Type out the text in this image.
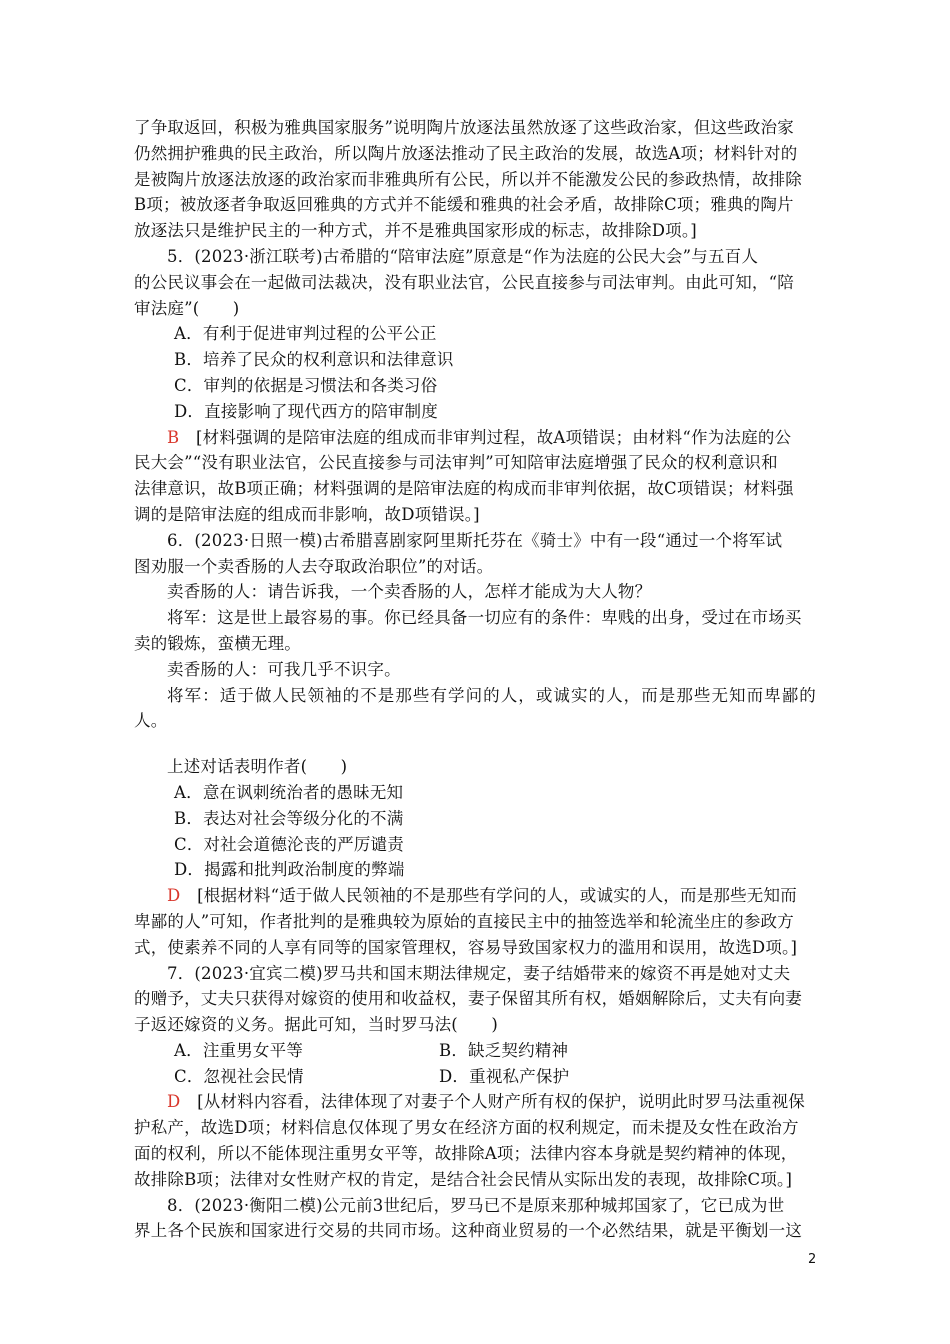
了争取返回，积极为雅典国家服务”说明陶片放逐法虽然放逐了这些政治家，但这些政治家

仍然拥护雅典的民主政治，所以陶片放逐法推动了民主政治的发展，故选A项；材料针对的

是被陶片放逐法放逐的政治家而非雅典所有公民，所以并不能激发公民的参政热情，故排除

B项；被放逐者争取返回雅典的方式并不能缓和雅典的社会矛盾，故排除C项；雅典的陶片

放逐法只是维护民主的一种方式，并不是雅典国家形成的标志，故排除D项。]

5．(2023·浙江联考)古希腊的“陪审法庭”原意是“作为法庭的公民大会”与五百人

的公民议事会在一起做司法裁决，没有职业法官，公民直接参与司法审判。由此可知，“陪

审法庭”(　　)

A．有利于促进审判过程的公平公正

B．培养了民众的权利意识和法律意识

C．审判的依据是习惯法和各类习俗

D．直接影响了现代西方的陪审制度

B　[材料强调的是陪审法庭的组成而非审判过程，故A项错误；由材料“作为法庭的公

民大会”“没有职业法官，公民直接参与司法审判”可知陪审法庭增强了民众的权利意识和

法律意识，故B项正确；材料强调的是陪审法庭的构成而非审判依据，故C项错误；材料强

调的是陪审法庭的组成而非影响，故D项错误。]

6．(2023·日照一模)古希腊喜剧家阿里斯托芬在《骑士》中有一段“通过一个将军试

图劝服一个卖香肠的人去夺取政治职位”的对话。

卖香肠的人：请告诉我，一个卖香肠的人，怎样才能成为大人物？

将军：这是世上最容易的事。你已经具备一切应有的条件：卑贱的出身，受过在市场买

卖的锻炼，蛮横无理。

卖香肠的人：可我几乎不识字。

将军：适于做人民领袖的不是那些有学问的人，或诚实的人，而是那些无知而卑鄙的人。

上述对话表明作者(　　)

A．意在讽刺统治者的愚昧无知

B．表达对社会等级分化的不满

C．对社会道德沦丧的严厉谴责

D．揭露和批判政治制度的弊端

D　[根据材料“适于做人民领袖的不是那些有学问的人，或诚实的人，而是那些无知而

卑鄙的人”可知，作者批判的是雅典较为原始的直接民主中的抽签选举和轮流坐庄的参政方

式，使素养不同的人享有同等的国家管理权，容易导致国家权力的滥用和误用，故选D项。]

7．(2023·宜宾二模)罗马共和国末期法律规定，妻子结婚带来的嫁资不再是她对丈夫

的赠予，丈夫只获得对嫁资的使用和收益权，妻子保留其所有权，婚姻解除后，丈夫有向妻

子返还嫁资的义务。据此可知，当时罗马法(　　)

A．注重男女平等	B．缺乏契约精神
C．忽视社会民情	D．重视私产保护

D　[从材料内容看，法律体现了对妻子个人财产所有权的保护，说明此时罗马法重视保

护私产，故选D项；材料信息仅体现了男女在经济方面的权利规定，而未提及女性在政治方

面的权利，所以不能体现注重男女平等，故排除A项；法律内容本身就是契约精神的体现，

故排除B项；法律对女性财产权的肯定，是结合社会民情从实际出发的表现，故排除C项。]

8．(2023·衡阳二模)公元前3世纪后，罗马已不是原来那种城邦国家了，它已成为世

界上各个民族和国家进行交易的共同市场。这种商业贸易的一个必然结果，就是平衡划一这

2
